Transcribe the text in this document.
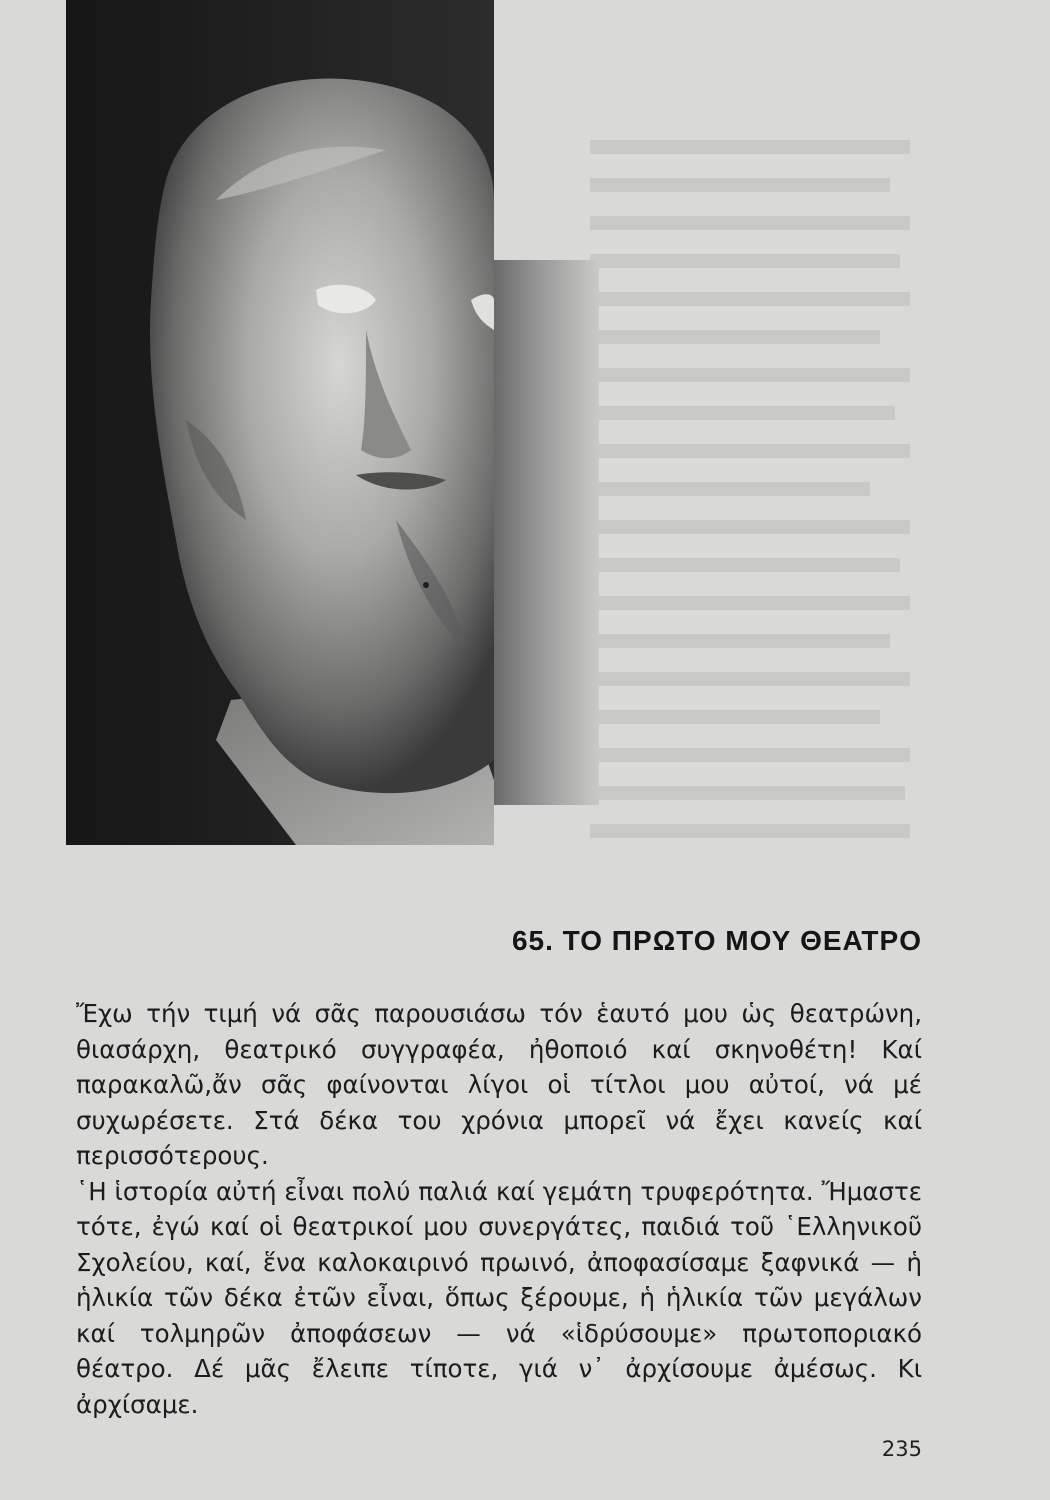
65. ΤΟ ΠΡΩΤΟ ΜΟΥ ΘΕΑΤΡΟ

Ἔχω τήν τιμή νά σᾶς παρουσιάσω τόν ἑαυτό μου ὡς θεατρώνη, θιασάρχη, θεατρικό συγγραφέα, ἠθοποιό καί σκηνοθέτη! Καί παρακαλῶ,ἄν σᾶς φαίνονται λίγοι οἱ τίτλοι μου αὐτοί, νά μέ συχωρέσετε. Στά δέκα του χρόνια μπορεῖ νά ἔχει κανείς καί περισσότερους.

῾Η ἱστορία αὐτή εἶναι πολύ παλιά καί γεμάτη τρυφερότητα. Ἤμαστε τότε, ἐγώ καί οἱ θεατρικοί μου συνεργάτες, παιδιά τοῦ ῾Ελληνικοῦ Σχολείου, καί, ἕνα καλοκαιρινό πρωινό, ἀποφασίσαμε ξαφνικά — ἡ ἡλικία τῶν δέκα ἐτῶν εἶναι, ὅπως ξέρουμε, ἡ ἡλικία τῶν μεγάλων καί τολμηρῶν ἀποφάσεων — νά «ἱδρύσουμε» πρωτοποριακό θέατρο. Δέ μᾶς ἔλειπε τίποτε, γιά ν᾿ ἀρχίσουμε ἀμέσως. Κι ἀρχίσαμε.

235
